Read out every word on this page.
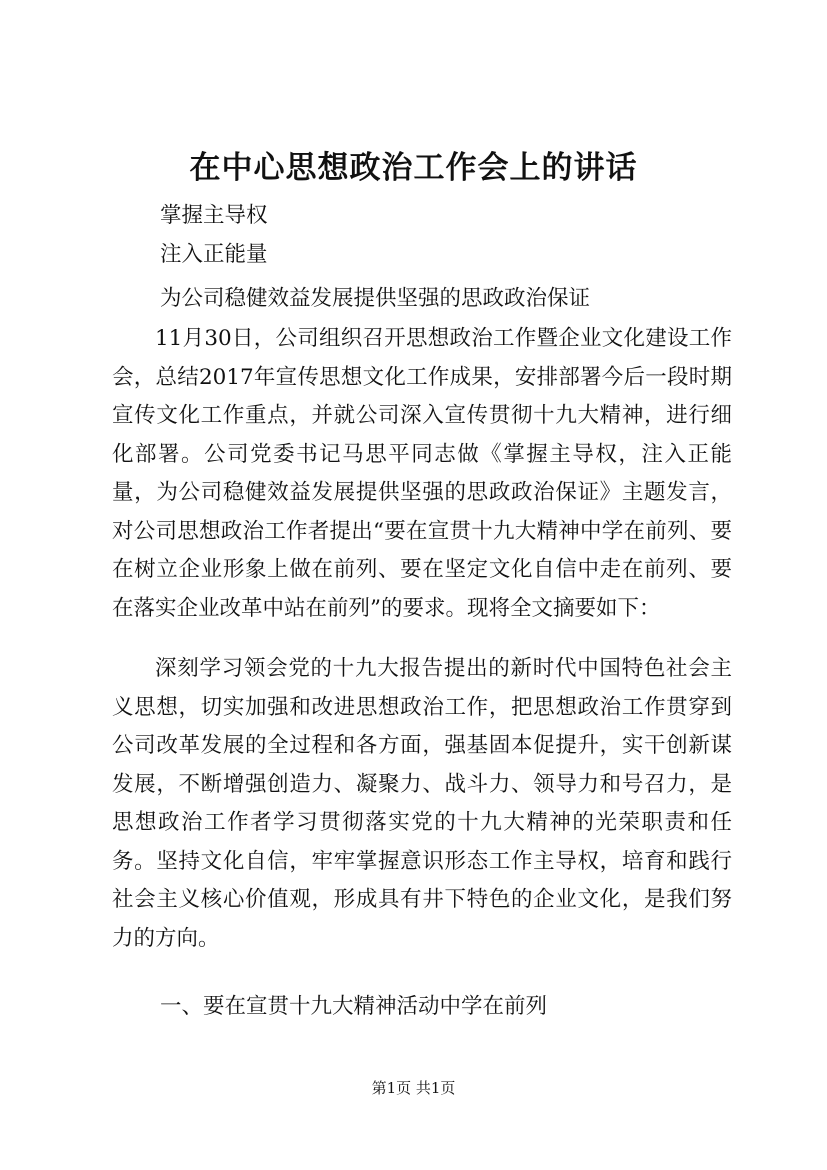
在中心思想政治工作会上的讲话
掌握主导权
注入正能量
为公司稳健效益发展提供坚强的思政政治保证

11月30日，公司组织召开思想政治工作暨企业文化建设工作会，总结2017年宣传思想文化工作成果，安排部署今后一段时期宣传文化工作重点，并就公司深入宣传贯彻十九大精神，进行细化部署。公司党委书记马思平同志做《掌握主导权，注入正能量，为公司稳健效益发展提供坚强的思政政治保证》主题发言，对公司思想政治工作者提出“要在宣贯十九大精神中学在前列、要在树立企业形象上做在前列、要在坚定文化自信中走在前列、要在落实企业改革中站在前列”的要求。现将全文摘要如下：

深刻学习领会党的十九大报告提出的新时代中国特色社会主义思想，切实加强和改进思想政治工作，把思想政治工作贯穿到公司改革发展的全过程和各方面，强基固本促提升，实干创新谋发展，不断增强创造力、凝聚力、战斗力、领导力和号召力，是思想政治工作者学习贯彻落实党的十九大精神的光荣职责和任务。坚持文化自信，牢牢掌握意识形态工作主导权，培育和践行社会主义核心价值观，形成具有井下特色的企业文化，是我们努力的方向。

一、要在宣贯十九大精神活动中学在前列
第1页 共1页
